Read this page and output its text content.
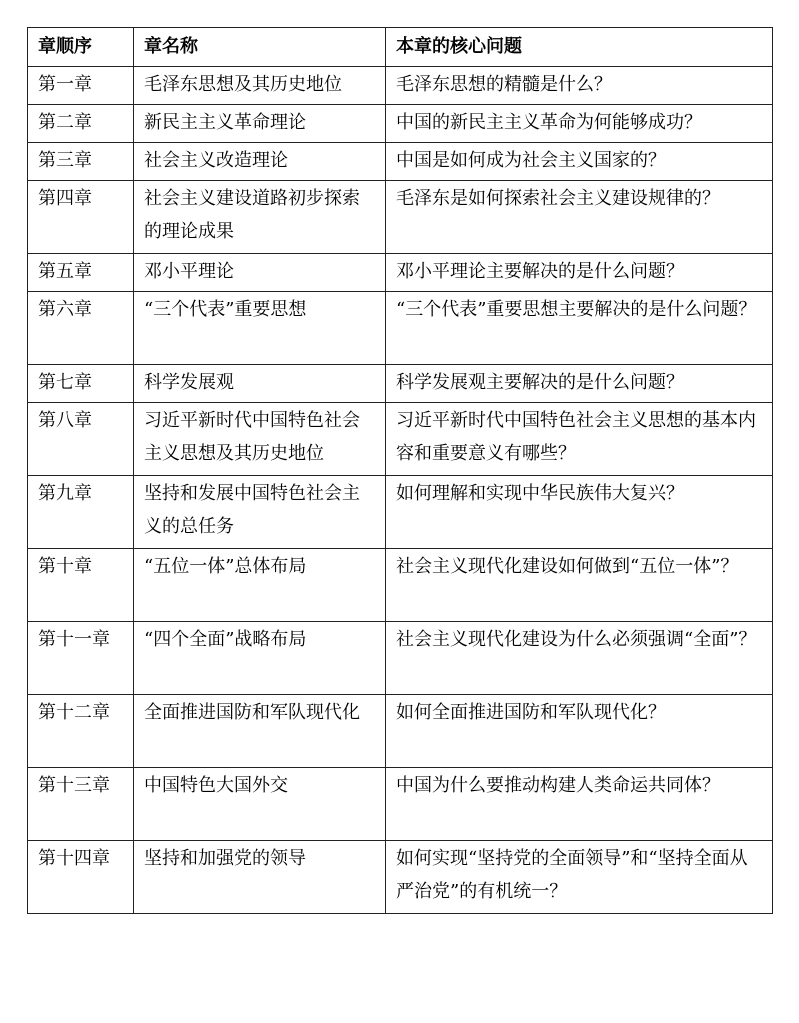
章顺序	章名称	本章的核心问题
第一章	毛泽东思想及其历史地位	毛泽东思想的精髓是什么？
第二章	新民主主义革命理论	中国的新民主主义革命为何能够成功？
第三章	社会主义改造理论	中国是如何成为社会主义国家的？
第四章	社会主义建设道路初步探索的理论成果	毛泽东是如何探索社会主义建设规律的？
第五章	邓小平理论	邓小平理论主要解决的是什么问题？
第六章	“三个代表”重要思想	“三个代表”重要思想主要解决的是什么问题？
第七章	科学发展观	科学发展观主要解决的是什么问题？
第八章	习近平新时代中国特色社会主义思想及其历史地位	习近平新时代中国特色社会主义思想的基本内容和重要意义有哪些？
第九章	坚持和发展中国特色社会主义的总任务	如何理解和实现中华民族伟大复兴？
第十章	“五位一体”总体布局	社会主义现代化建设如何做到“五位一体”？
第十一章	“四个全面”战略布局	社会主义现代化建设为什么必须强调“全面”？
第十二章	全面推进国防和军队现代化	如何全面推进国防和军队现代化？
第十三章	中国特色大国外交	中国为什么要推动构建人类命运共同体？
第十四章	坚持和加强党的领导	如何实现“坚持党的全面领导”和“坚持全面从严治党”的有机统一？
